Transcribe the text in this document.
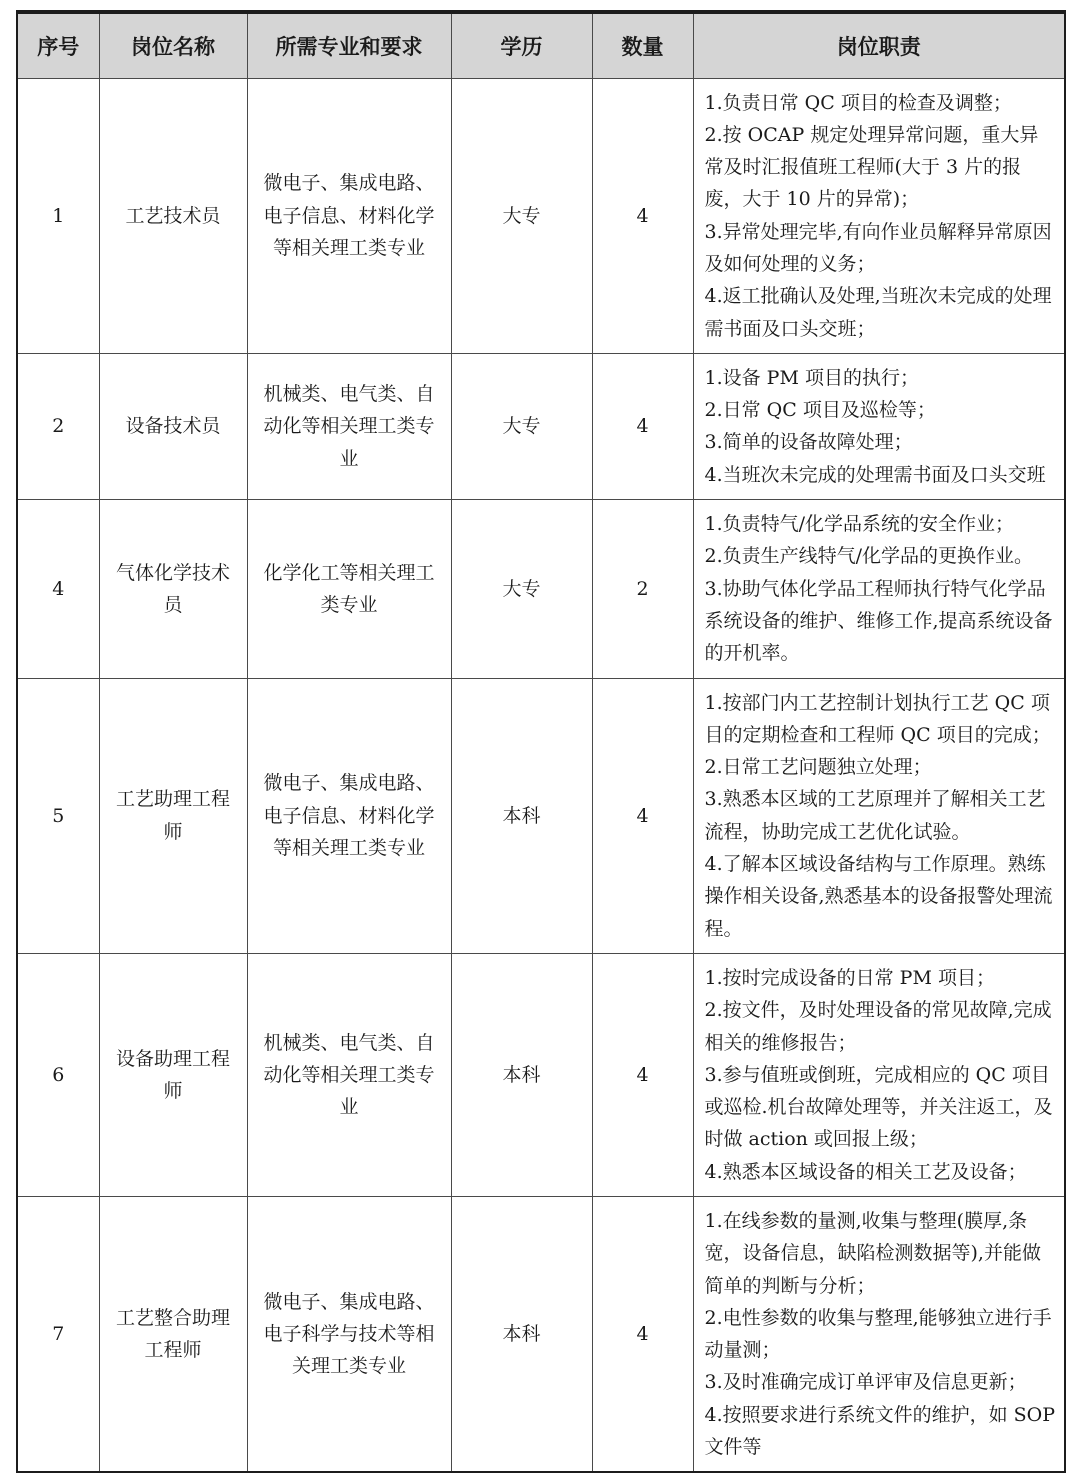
序号	岗位名称	所需专业和要求	学历	数量	岗位职责
1	工艺技术员	微电子、集成电路、电子信息、材料化学等相关理工类专业	大专	4	1.负责日常 QC 项目的检查及调整；
2.按 OCAP 规定处理异常问题，重大异常及时汇报值班工程师(大于 3 片的报废，大于 10 片的异常)；
3.异常处理完毕,有向作业员解释异常原因及如何处理的义务；
4.返工批确认及处理,当班次未完成的处理需书面及口头交班；

2	设备技术员	机械类、电气类、自动化等相关理工类专业	大专	4	1.设备 PM 项目的执行；
2.日常 QC 项目及巡检等；
3.简单的设备故障处理；
4.当班次未完成的处理需书面及口头交班

4	气体化学技术员	化学化工等相关理工类专业	大专	2	1.负责特气/化学品系统的安全作业；
2.负责生产线特气/化学品的更换作业。
3.协助气体化学品工程师执行特气化学品系统设备的维护、维修工作,提高系统设备的开机率。

5	工艺助理工程师	微电子、集成电路、电子信息、材料化学等相关理工类专业	本科	4	1.按部门内工艺控制计划执行工艺 QC 项目的定期检查和工程师 QC 项目的完成；
2.日常工艺问题独立处理；
3.熟悉本区域的工艺原理并了解相关工艺流程，协助完成工艺优化试验。
4.了解本区域设备结构与工作原理。熟练操作相关设备,熟悉基本的设备报警处理流程。

6	设备助理工程师	机械类、电气类、自动化等相关理工类专业	本科	4	1.按时完成设备的日常 PM 项目；
2.按文件，及时处理设备的常见故障,完成相关的维修报告；
3.参与值班或倒班，完成相应的 QC 项目或巡检.机台故障处理等，并关注返工，及时做 action 或回报上级；
4.熟悉本区域设备的相关工艺及设备；

7	工艺整合助理工程师	微电子、集成电路、电子科学与技术等相关理工类专业	本科	4	1.在线参数的量测,收集与整理(膜厚,条宽，设备信息，缺陷检测数据等),并能做简单的判断与分析；
2.电性参数的收集与整理,能够独立进行手动量测；
3.及时准确完成订单评审及信息更新；
4.按照要求进行系统文件的维护，如 SOP 文件等
